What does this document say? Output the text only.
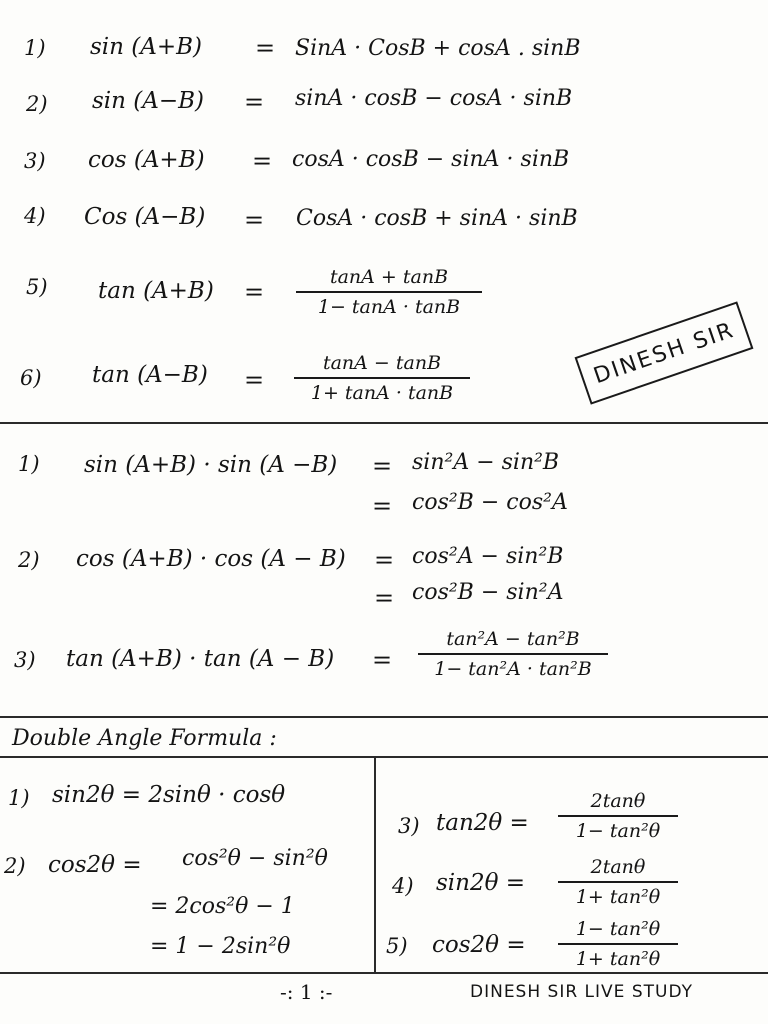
1) sin (A+B) = SinA · CosB + cosA . sinB
2) sin (A−B) = sinA · cosB − cosA · sinB
3) cos (A+B) = cosA · cosB − sinA · sinB
4) Cos (A−B) = CosA · cosB + sinA · sinB
5) tan (A+B) =
tanA + tanB
1− tanA · tanB
6) tan (A−B) =
tanA − tanB
1+ tanA · tanB
DINESH SIR
1) sin (A+B) · sin (A −B) = sin²A − sin²B
= cos²B − cos²A
2) cos (A+B) · cos (A − B) = cos²A − sin²B
= cos²B − sin²A
3) tan (A+B) · tan (A − B) =
tan²A − tan²B
1− tan²A · tan²B
Double Angle Formula :
1) sin2θ = 2sinθ · cosθ
2) cos2θ = cos²θ − sin²θ
= 2cos²θ − 1
= 1 − 2sin²θ
3) tan2θ =
2tanθ
1− tan²θ
4) sin2θ =
2tanθ
1+ tan²θ
5) cos2θ =
1− tan²θ
1+ tan²θ
-: 1 :-	DINESH SIR LIVE STUDY
